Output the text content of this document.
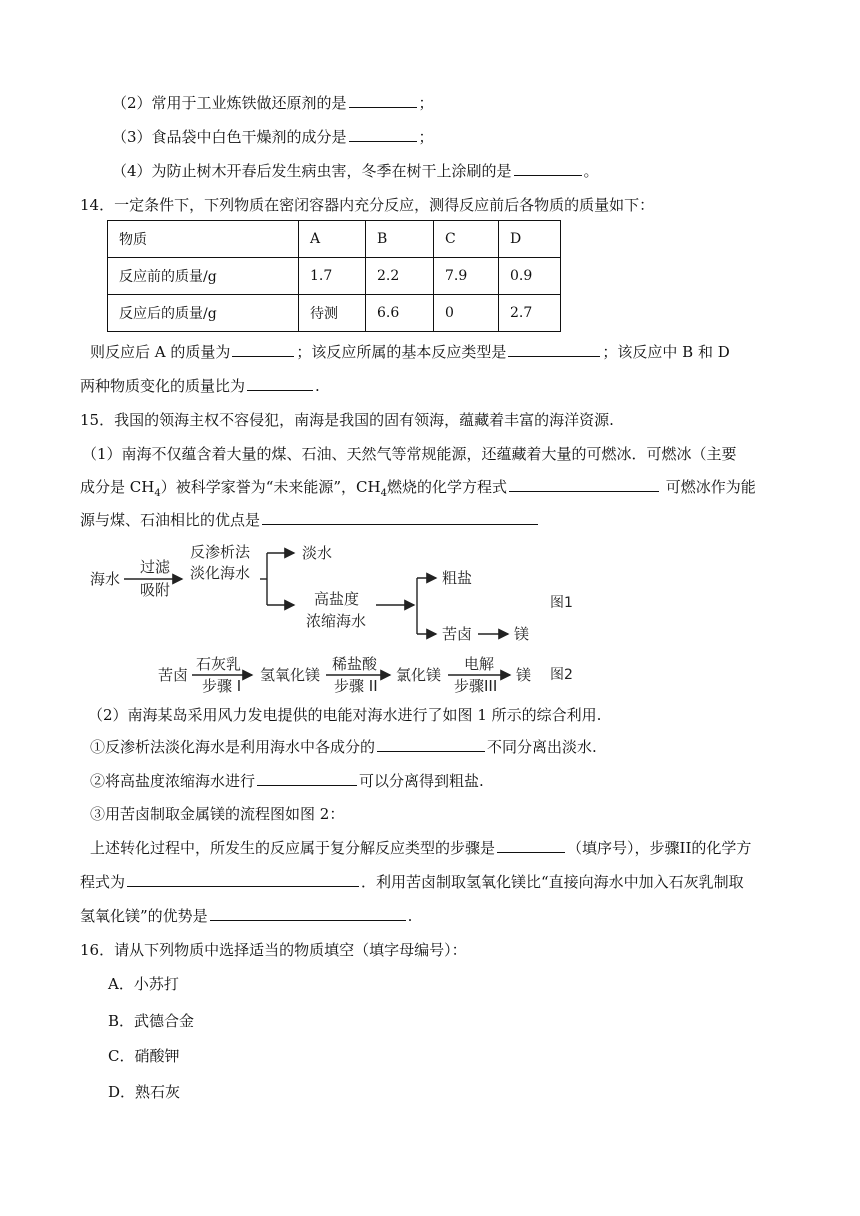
（2）常用于工业炼铁做还原剂的是	；
（3）食品袋中白色干燥剂的成分是	；
（4）为防止树木开春后发生病虫害，冬季在树干上涂刷的是	。
14．一定条件下，下列物质在密闭容器内充分反应，测得反应前后各物质的质量如下：
物质	A	B	C	D
反应前的质量/g	1.7	2.2	7.9	0.9
反应后的质量/g	待测	6.6	0	2.7
则反应后 A 的质量为	；该反应所属的基本反应类型是	；该反应中 B 和 D
两种物质变化的质量比为	.
15．我国的领海主权不容侵犯，南海是我国的固有领海，蕴藏着丰富的海洋资源.
（1）南海不仅蕴含着大量的煤、石油、天然气等常规能源，还蕴藏着大量的可燃冰．可燃冰（主要
成分是 $CH_4$）被科学家誉为“未来能源”，$CH_4$燃烧的化学方程式	可燃冰作为能
源与煤、石油相比的优点是
海水
过滤
吸附
反渗析法
淡化海水
淡水
高盐度
浓缩海水
粗盐
苦卤	镁
图1
苦卤
石灰乳
步骤 I
氢氧化镁
稀盐酸
步骤 II
氯化镁
电解
步骤III
镁 图2
（2）南海某岛采用风力发电提供的电能对海水进行了如图 1 所示的综合利用.
①反渗析法淡化海水是利用海水中各成分的	不同分离出淡水.
②将高盐度浓缩海水进行	可以分离得到粗盐.
③用苦卤制取金属镁的流程图如图 2：
上述转化过程中，所发生的反应属于复分解反应类型的步骤是	（填序号），步骤II的化学方
程式为	．利用苦卤制取氢氧化镁比“直接向海水中加入石灰乳制取
氢氧化镁”的优势是	.
16．请从下列物质中选择适当的物质填空（填字母编号）：
A．小苏打
B．武德合金
C．硝酸钾
D．熟石灰
